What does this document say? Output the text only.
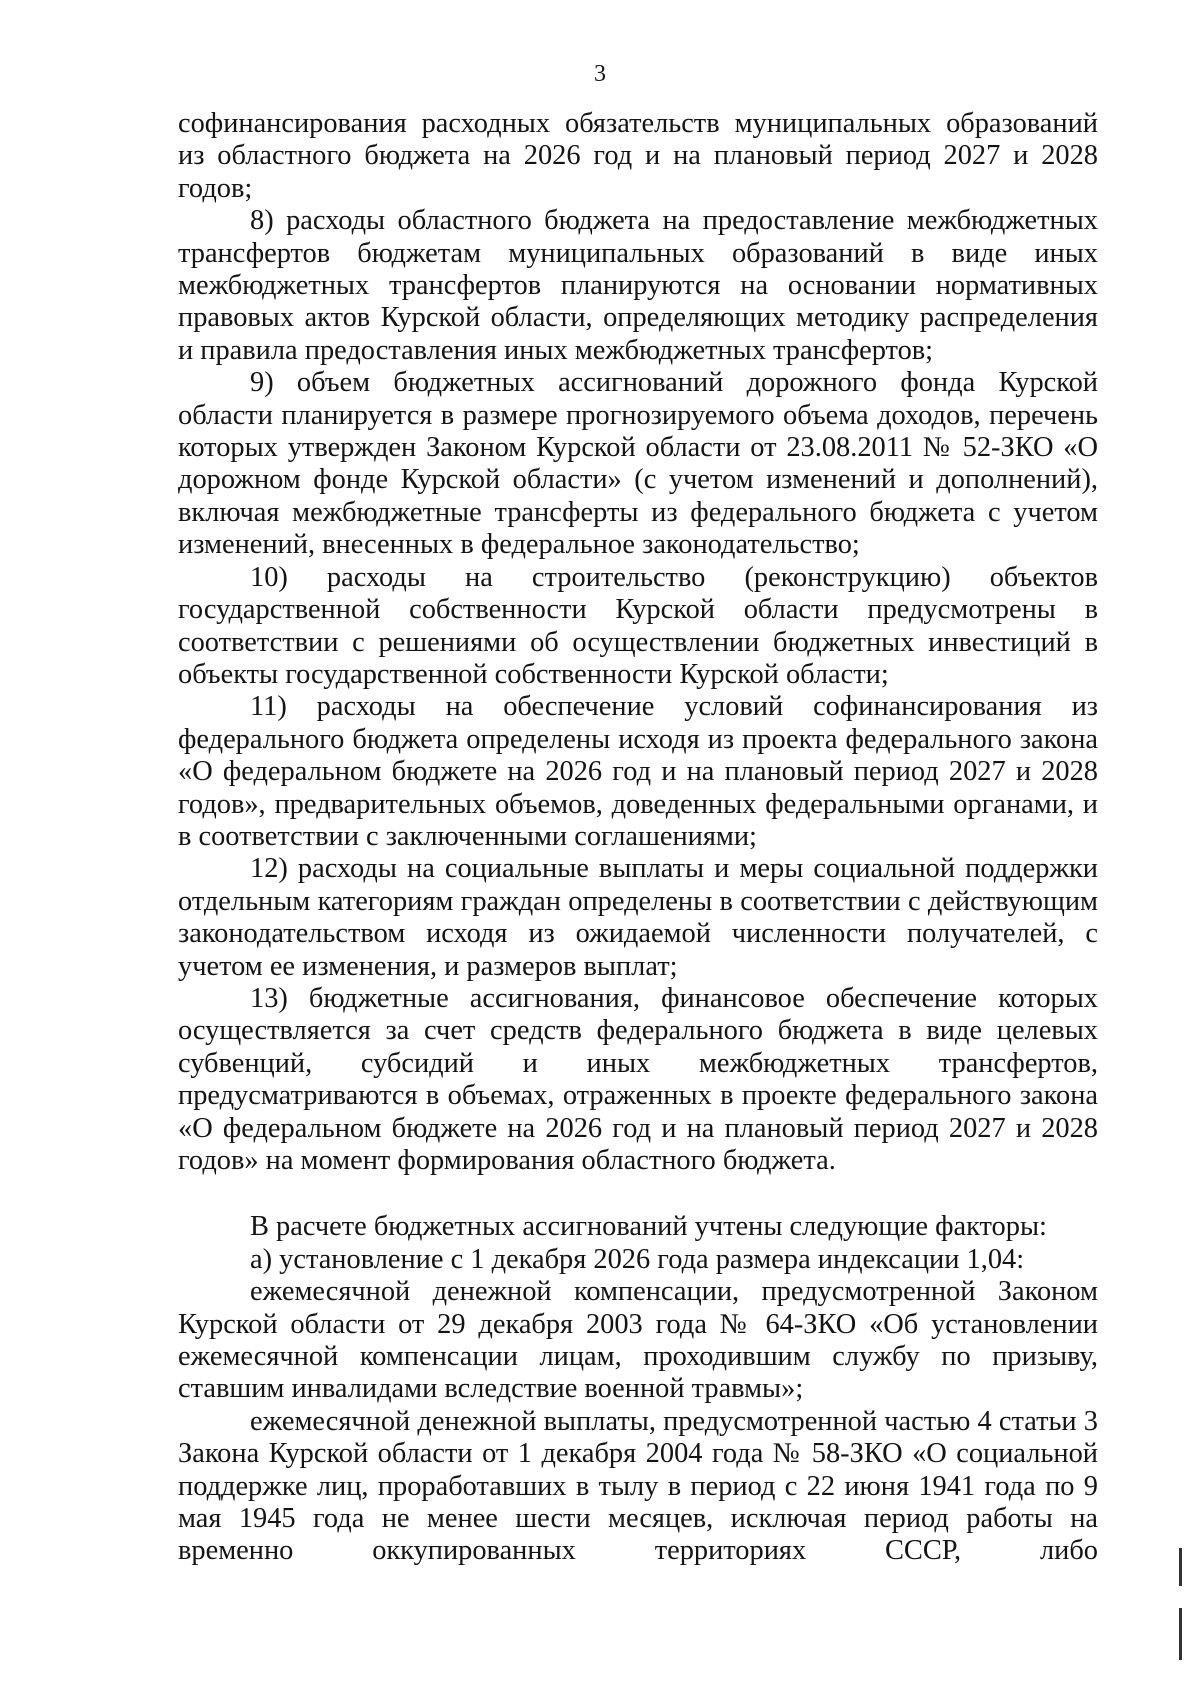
3

софинансирования расходных обязательств муниципальных образований из областного бюджета на 2026 год и на плановый период 2027 и 2028 годов;

8) расходы областного бюджета на предоставление межбюджетных трансфертов бюджетам муниципальных образований в виде иных межбюджетных трансфертов планируются на основании нормативных правовых актов Курской области, определяющих методику распределения и правила предоставления иных межбюджетных трансфертов;

9) объем бюджетных ассигнований дорожного фонда Курской области планируется в размере прогнозируемого объема доходов, перечень которых утвержден Законом Курской области от 23.08.2011 № 52-ЗКО «О дорожном фонде Курской области» (с учетом изменений и дополнений), включая межбюджетные трансферты из федерального бюджета с учетом изменений, внесенных в федеральное законодательство;

10) расходы на строительство (реконструкцию) объектов государственной собственности Курской области предусмотрены в соответствии с решениями об осуществлении бюджетных инвестиций в объекты государственной собственности Курской области;

11) расходы на обеспечение условий софинансирования из федерального бюджета определены исходя из проекта федерального закона «О федеральном бюджете на 2026 год и на плановый период 2027 и 2028 годов», предварительных объемов, доведенных федеральными органами, и в соответствии с заключенными соглашениями;

12) расходы на социальные выплаты и меры социальной поддержки отдельным категориям граждан определены в соответствии с действующим законодательством исходя из ожидаемой численности получателей, с учетом ее изменения, и размеров выплат;

13) бюджетные ассигнования, финансовое обеспечение которых осуществляется за счет средств федерального бюджета в виде целевых субвенций, субсидий и иных межбюджетных трансфертов, предусматриваются в объемах, отраженных в проекте федерального закона «О федеральном бюджете на 2026 год и на плановый период 2027 и 2028 годов» на момент формирования областного бюджета.

В расчете бюджетных ассигнований учтены следующие факторы:

а) установление с 1 декабря 2026 года размера индексации 1,04:

ежемесячной денежной компенсации, предусмотренной Законом Курской области от 29 декабря 2003 года № 64-ЗКО «Об установлении ежемесячной компенсации лицам, проходившим службу по призыву, ставшим инвалидами вследствие военной травмы»;

ежемесячной денежной выплаты, предусмотренной частью 4 статьи 3 Закона Курской области от 1 декабря 2004 года № 58-ЗКО «О социальной поддержке лиц, проработавших в тылу в период с 22 июня 1941 года по 9 мая 1945 года не менее шести месяцев, исключая период работы на временно оккупированных территориях СССР, либо
